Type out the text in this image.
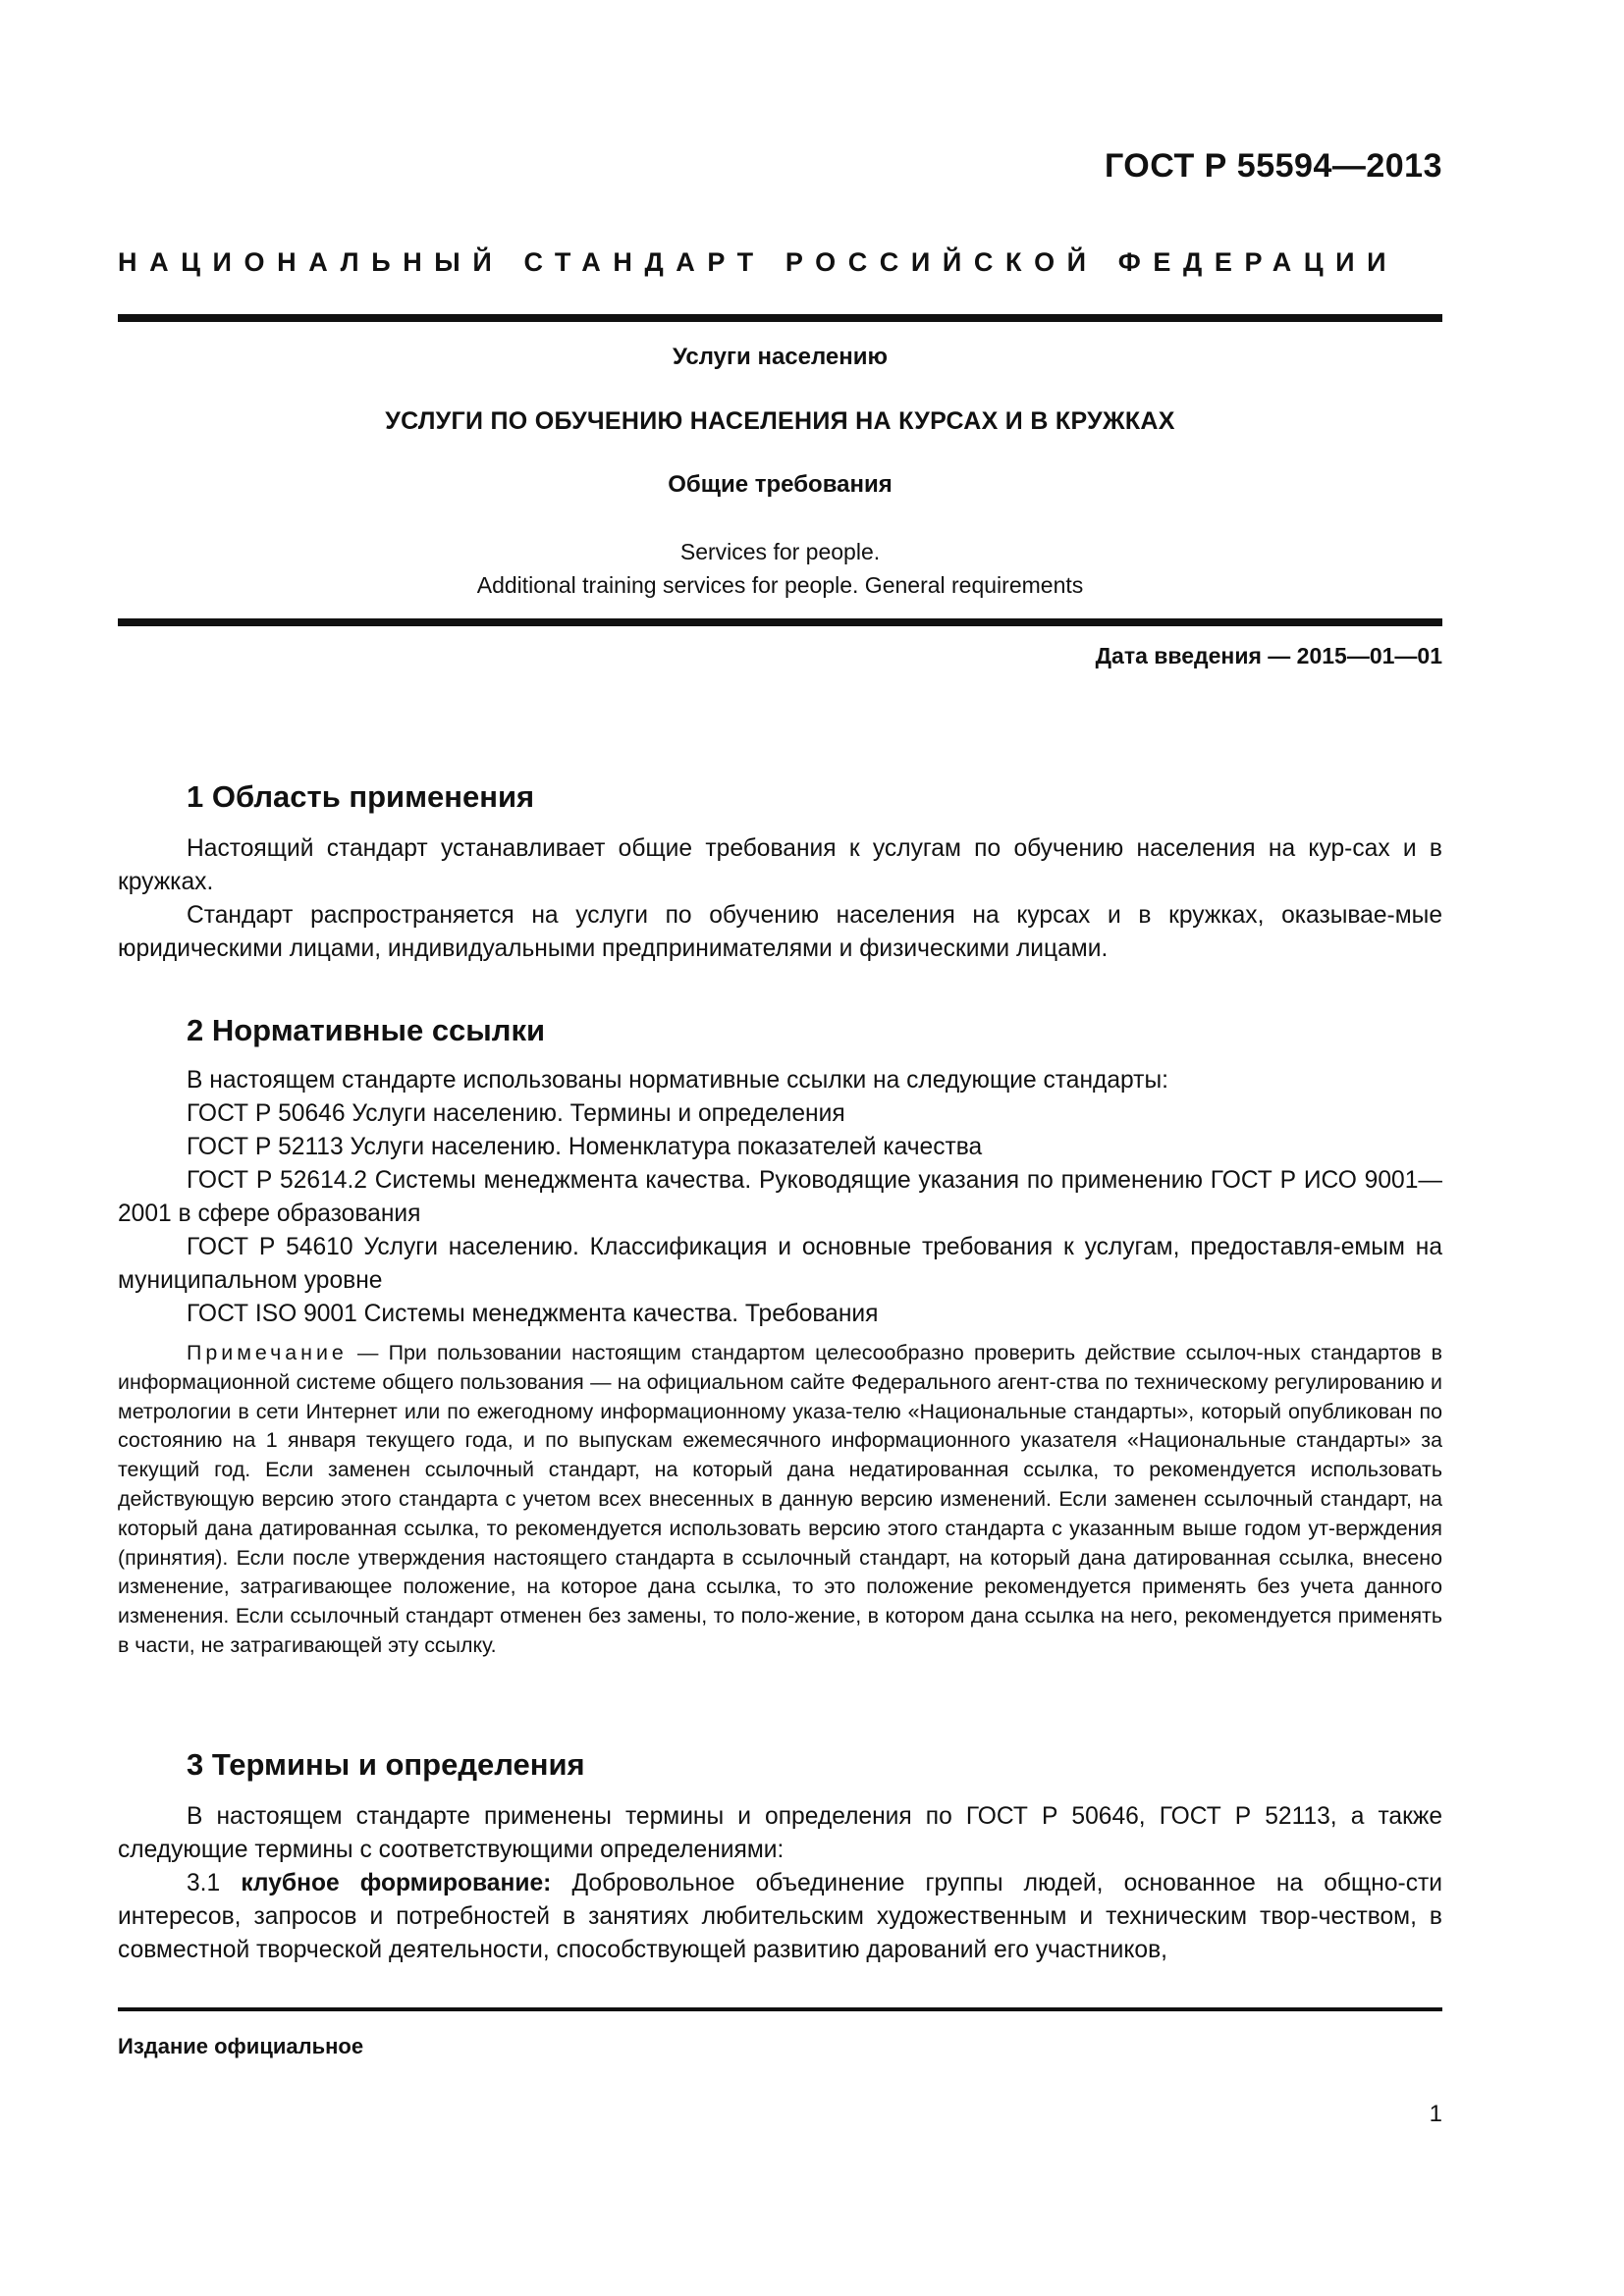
ГОСТ Р 55594—2013
НАЦИОНАЛЬНЫЙ СТАНДАРТ РОССИЙСКОЙ ФЕДЕРАЦИИ
Услуги населению
УСЛУГИ ПО ОБУЧЕНИЮ НАСЕЛЕНИЯ НА КУРСАХ И В КРУЖКАХ
Общие требования
Services for people.
Additional training services for people. General requirements
Дата введения — 2015—01—01
1 Область применения

Настоящий стандарт устанавливает общие требования к услугам по обучению населения на кур-сах и в кружках.

Стандарт распространяется на услуги по обучению населения на курсах и в кружках, оказывае-мые юридическими лицами, индивидуальными предпринимателями и физическими лицами.

2 Нормативные ссылки

В настоящем стандарте использованы нормативные ссылки на следующие стандарты:

ГОСТ Р 50646 Услуги населению. Термины и определения

ГОСТ Р 52113 Услуги населению. Номенклатура показателей качества

ГОСТ Р 52614.2 Системы менеджмента качества. Руководящие указания по применению ГОСТ Р ИСО 9001—2001 в сфере образования

ГОСТ Р 54610 Услуги населению. Классификация и основные требования к услугам, предоставля-емым на муниципальном уровне

ГОСТ ISO 9001 Системы менеджмента качества. Требования

Примечание — При пользовании настоящим стандартом целесообразно проверить действие ссылоч-ных стандартов в информационной системе общего пользования — на официальном сайте Федерального агент-ства по техническому регулированию и метрологии в сети Интернет или по ежегодному информационному указа-телю «Национальные стандарты», который опубликован по состоянию на 1 января текущего года, и по выпускам ежемесячного информационного указателя «Национальные стандарты» за текущий год. Если заменен ссылочный стандарт, на который дана недатированная ссылка, то рекомендуется использовать действующую версию этого стандарта с учетом всех внесенных в данную версию изменений. Если заменен ссылочный стандарт, на который дана датированная ссылка, то рекомендуется использовать версию этого стандарта с указанным выше годом ут-верждения (принятия). Если после утверждения настоящего стандарта в ссылочный стандарт, на который дана датированная ссылка, внесено изменение, затрагивающее положение, на которое дана ссылка, то это положение рекомендуется применять без учета данного изменения. Если ссылочный стандарт отменен без замены, то поло-жение, в котором дана ссылка на него, рекомендуется применять в части, не затрагивающей эту ссылку.

3 Термины и определения

В настоящем стандарте применены термины и определения по ГОСТ Р 50646, ГОСТ Р 52113, а также следующие термины с соответствующими определениями:

3.1 клубное формирование: Добровольное объединение группы людей, основанное на общно-сти интересов, запросов и потребностей в занятиях любительским художественным и техническим твор-чеством, в совместной творческой деятельности, способствующей развитию дарований его участников,

Издание официальное
1
